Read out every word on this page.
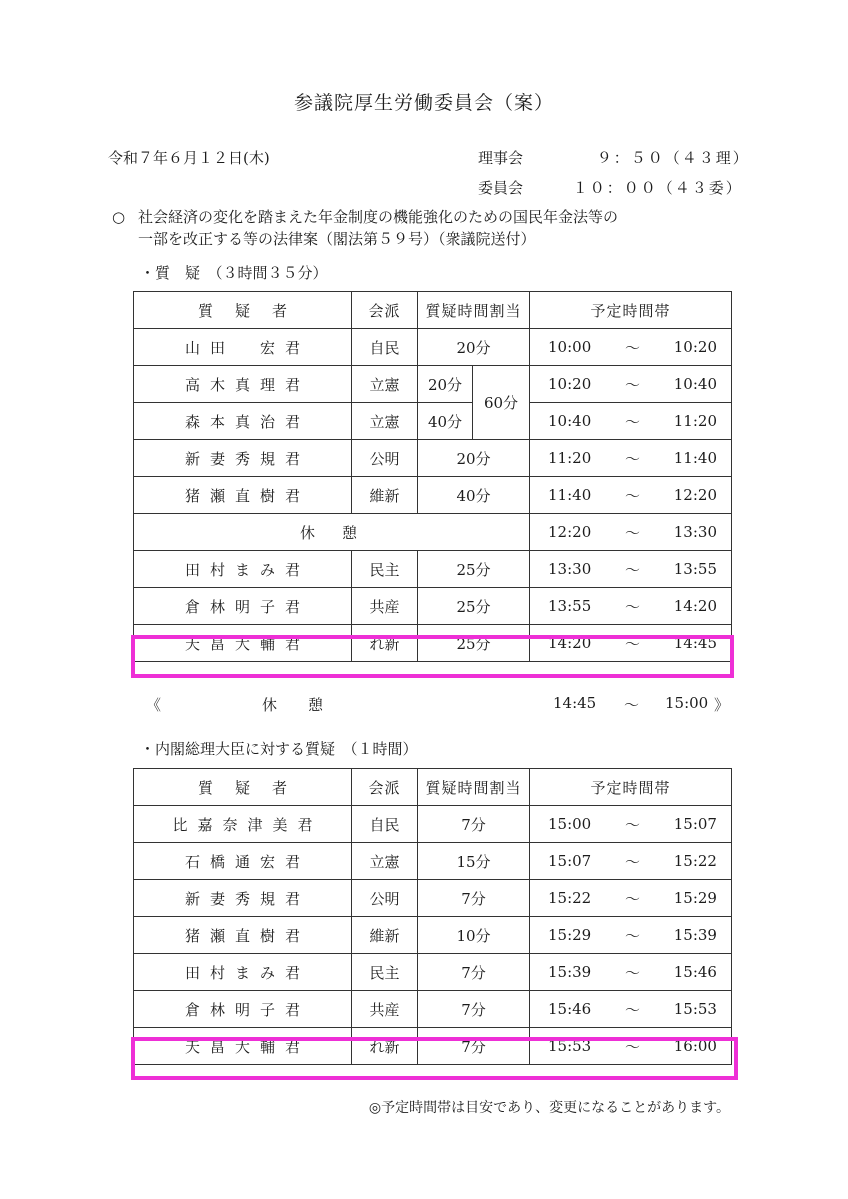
参議院厚生労働委員会（案）
令和７年６月１２日(木)	理事会	９：５０（４３理）
委員会	１０：００（４３委）
○ 社会経済の変化を踏まえた年金制度の機能強化のための国民年金法等の
一部を改正する等の法律案（閣法第５９号）（衆議院送付）
・質　疑　（３時間３５分）
質疑者	会派	質疑時間割当		予定時間帯
山田　宏君	自民	20分		10:00 〜 10:20

高木真理君	立憲	20分	60分	10:20 〜 10:40

森本真治君	立憲	40分		10:40 〜 11:20

新妻秀規君	公明	20分		11:20 〜 11:40

猪瀬直樹君	維新	40分		11:40 〜 12:20

休　憩				12:20 〜 13:30

田村まみ君	民主	25分		13:30 〜 13:55

倉林明子君	共産	25分		13:55 〜 14:20

天畠大輔君	れ新	25分		14:20 〜 14:45
《	休　憩	14:45 〜 15:00 》
・内閣総理大臣に対する質疑　（１時間）
質疑者	会派	質疑時間割当	予定時間帯
比嘉奈津美君	自民	7分	15:00 〜 15:07

石橋通宏君	立憲	15分	15:07 〜 15:22

新妻秀規君	公明	7分	15:22 〜 15:29

猪瀬直樹君	維新	10分	15:29 〜 15:39

田村まみ君	民主	7分	15:39 〜 15:46

倉林明子君	共産	7分	15:46 〜 15:53

天畠大輔君	れ新	7分	15:53 〜 16:00
◎予定時間帯は目安であり、変更になることがあります。
